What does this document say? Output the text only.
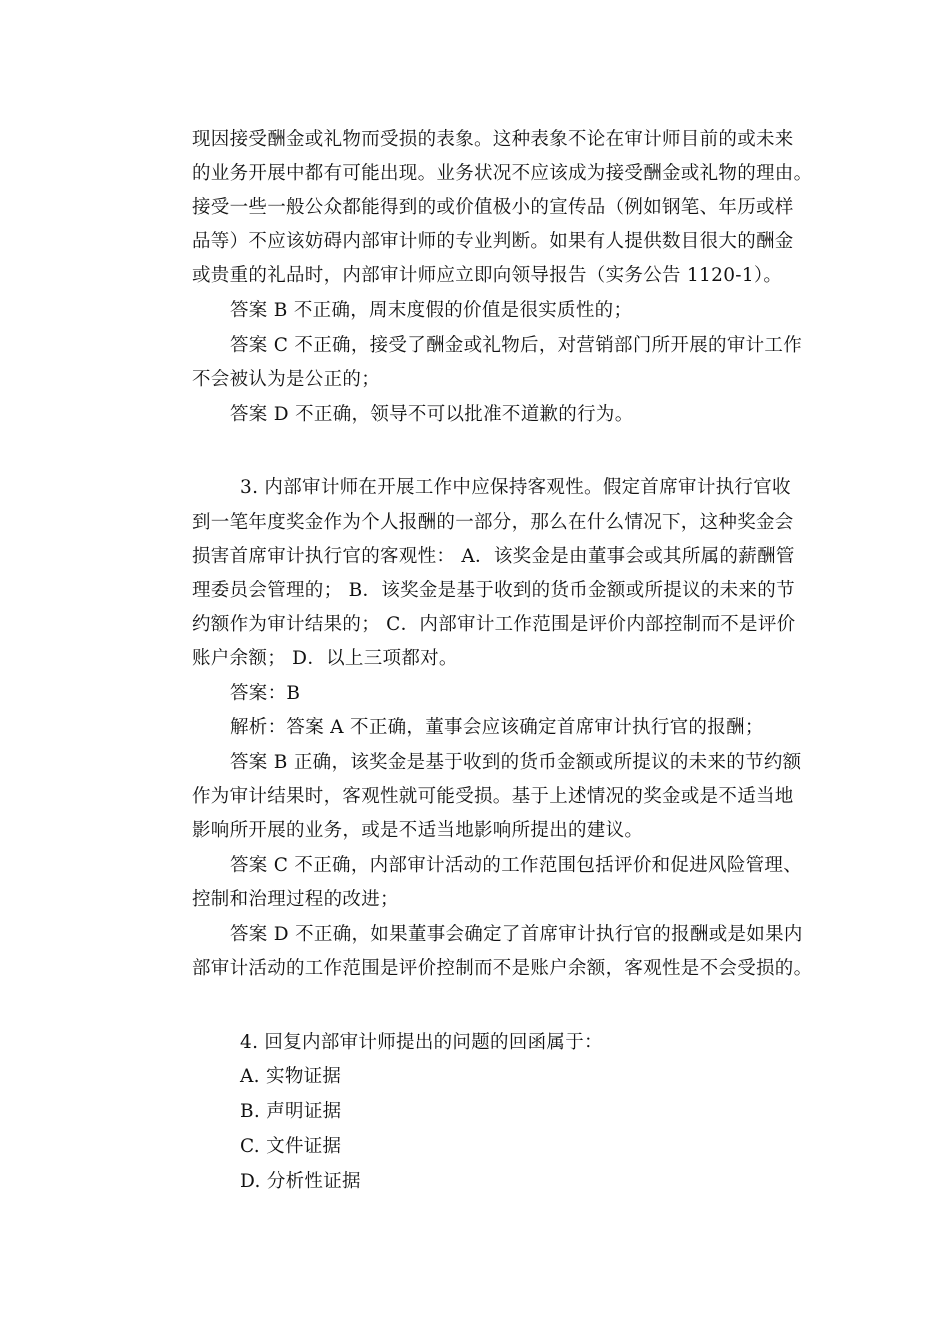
现因接受酬金或礼物而受损的表象。这种表象不论在审计师目前的或未来
的业务开展中都有可能出现。业务状况不应该成为接受酬金或礼物的理由。
接受一些一般公众都能得到的或价值极小的宣传品（例如钢笔、年历或样
品等）不应该妨碍内部审计师的专业判断。如果有人提供数目很大的酬金
或贵重的礼品时，内部审计师应立即向领导报告（实务公告 1120-1）。
答案 B 不正确，周末度假的价值是很实质性的；
答案 C 不正确，接受了酬金或礼物后，对营销部门所开展的审计工作
不会被认为是公正的；
答案 D 不正确，领导不可以批准不道歉的行为。
3. 内部审计师在开展工作中应保持客观性。假定首席审计执行官收
到一笔年度奖金作为个人报酬的一部分，那么在什么情况下，这种奖金会
损害首席审计执行官的客观性： A．该奖金是由董事会或其所属的薪酬管
理委员会管理的； B．该奖金是基于收到的货币金额或所提议的未来的节
约额作为审计结果的； C．内部审计工作范围是评价内部控制而不是评价
账户余额； D．以上三项都对。
答案：B
解析：答案 A 不正确，董事会应该确定首席审计执行官的报酬；
答案 B 正确，该奖金是基于收到的货币金额或所提议的未来的节约额
作为审计结果时，客观性就可能受损。基于上述情况的奖金或是不适当地
影响所开展的业务，或是不适当地影响所提出的建议。
答案 C 不正确，内部审计活动的工作范围包括评价和促进风险管理、
控制和治理过程的改进；
答案 D 不正确，如果董事会确定了首席审计执行官的报酬或是如果内
部审计活动的工作范围是评价控制而不是账户余额，客观性是不会受损的。
4. 回复内部审计师提出的问题的回函属于：
A. 实物证据
B. 声明证据
C. 文件证据
D. 分析性证据
